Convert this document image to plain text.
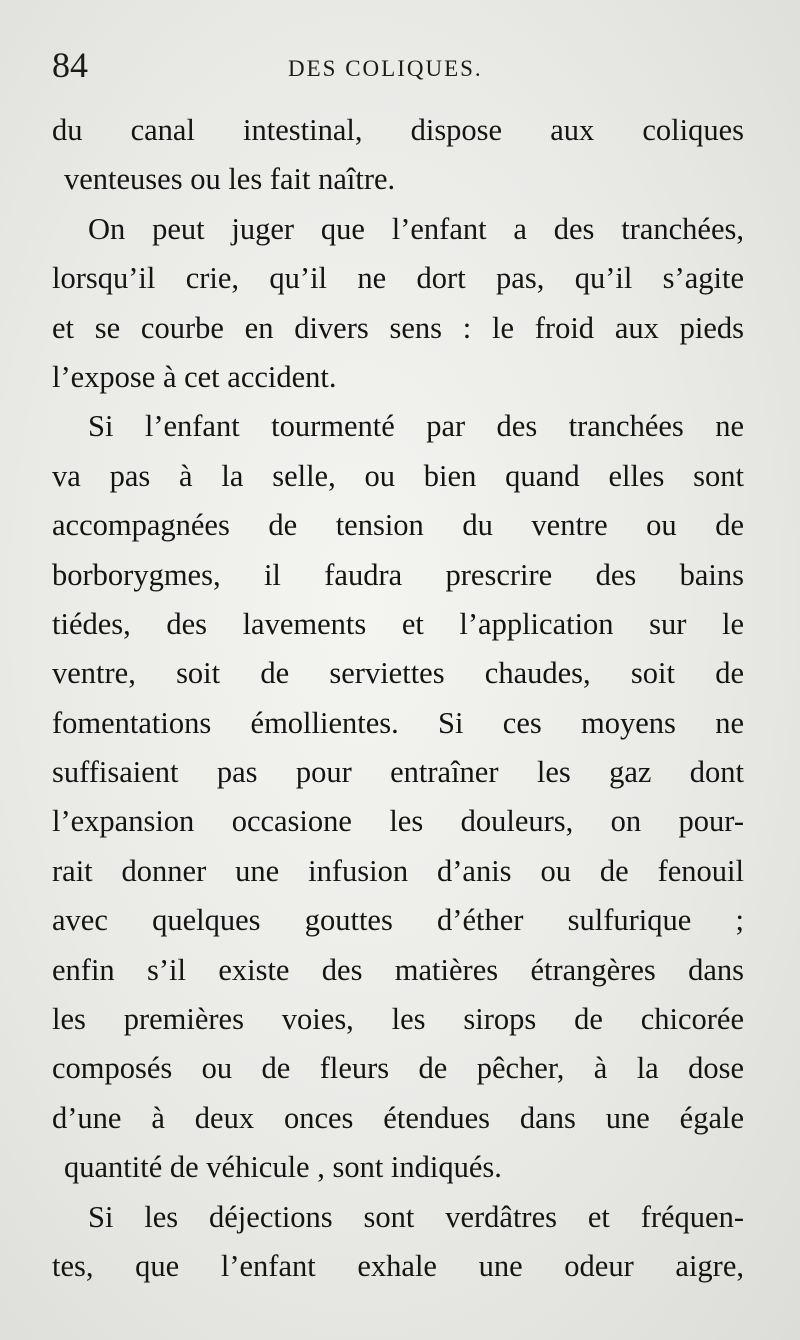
84	DES COLIQUES.
du canal intestinal, dispose aux coliques
venteuses ou les fait naître.
On peut juger que l’enfant a des tranchées,
lorsqu’il crie, qu’il ne dort pas, qu’il s’agite
et se courbe en divers sens : le froid aux pieds
l’expose à cet accident.
Si l’enfant tourmenté par des tranchées ne
va pas à la selle, ou bien quand elles sont
accompagnées de tension du ventre ou de
borborygmes, il faudra prescrire des bains
tiédes, des lavements et l’application sur le
ventre, soit de serviettes chaudes, soit de
fomentations émollientes. Si ces moyens ne
suffisaient pas pour entraîner les gaz dont
l’expansion occasione les douleurs, on pour-
rait donner une infusion d’anis ou de fenouil
avec quelques gouttes d’éther sulfurique ;
enfin s’il existe des matières étrangères dans
les premières voies, les sirops de chicorée
composés ou de fleurs de pêcher, à la dose
d’une à deux onces étendues dans une égale
quantité de véhicule , sont indiqués.
Si les déjections sont verdâtres et fréquen-
tes, que l’enfant exhale une odeur aigre,
